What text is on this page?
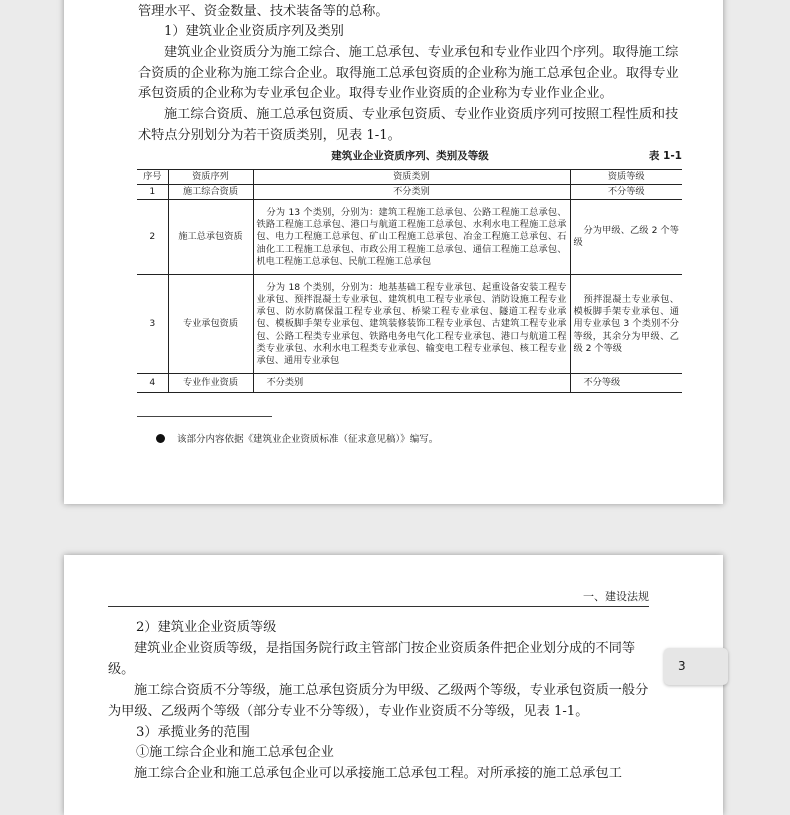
管理水平、资金数量、技术装备等的总称。

1）建筑业企业资质序列及类别

建筑业企业资质分为施工综合、施工总承包、专业承包和专业作业四个序列。取得施工综合资质的企业称为施工综合企业。取得施工总承包资质的企业称为施工总承包企业。取得专业承包资质的企业称为专业承包企业。取得专业作业资质的企业称为专业作业企业。

施工综合资质、施工总承包资质、专业承包资质、专业作业资质序列可按照工程性质和技术特点分别划分为若干资质类别，见表 1-1。

建筑业企业资质序列、类别及等级	表 1-1
序号	资质序列	资质类别	资质等级
1	施工综合资质	不分类别	不分等级
2	施工总承包资质	分为 13 个类别，分别为：建筑工程施工总承包、公路工程施工总承包、铁路工程施工总承包、港口与航道工程施工总承包、水利水电工程施工总承包、电力工程施工总承包、矿山工程施工总承包、冶金工程施工总承包、石油化工工程施工总承包、市政公用工程施工总承包、通信工程施工总承包、机电工程施工总承包、民航工程施工总承包	分为甲级、乙级 2 个等级
3	专业承包资质	分为 18 个类别，分别为：地基基础工程专业承包、起重设备安装工程专业承包、预拌混凝土专业承包、建筑机电工程专业承包、消防设施工程专业承包、防水防腐保温工程专业承包、桥梁工程专业承包、隧道工程专业承包、模板脚手架专业承包、建筑装修装饰工程专业承包、古建筑工程专业承包、公路工程类专业承包、铁路电务电气化工程专业承包、港口与航道工程类专业承包、水利水电工程类专业承包、输变电工程专业承包、核工程专业承包、通用专业承包	预拌混凝土专业承包、模板脚手架专业承包、通用专业承包 3 个类别不分等级，其余分为甲级、乙级 2 个等级
4	专业作业资质	不分类别	不分等级
该部分内容依据《建筑业企业资质标准（征求意见稿）》编写。
一、建设法规

2）建筑业企业资质等级

建筑业企业资质等级，是指国务院行政主管部门按企业资质条件把企业划分成的不同等级。

施工综合资质不分等级，施工总承包资质分为甲级、乙级两个等级，专业承包资质一般分为甲级、乙级两个等级（部分专业不分等级），专业作业资质不分等级，见表 1-1。

3）承揽业务的范围

①施工综合企业和施工总承包企业

施工综合企业和施工总承包企业可以承接施工总承包工程。对所承接的施工总承包工

3
